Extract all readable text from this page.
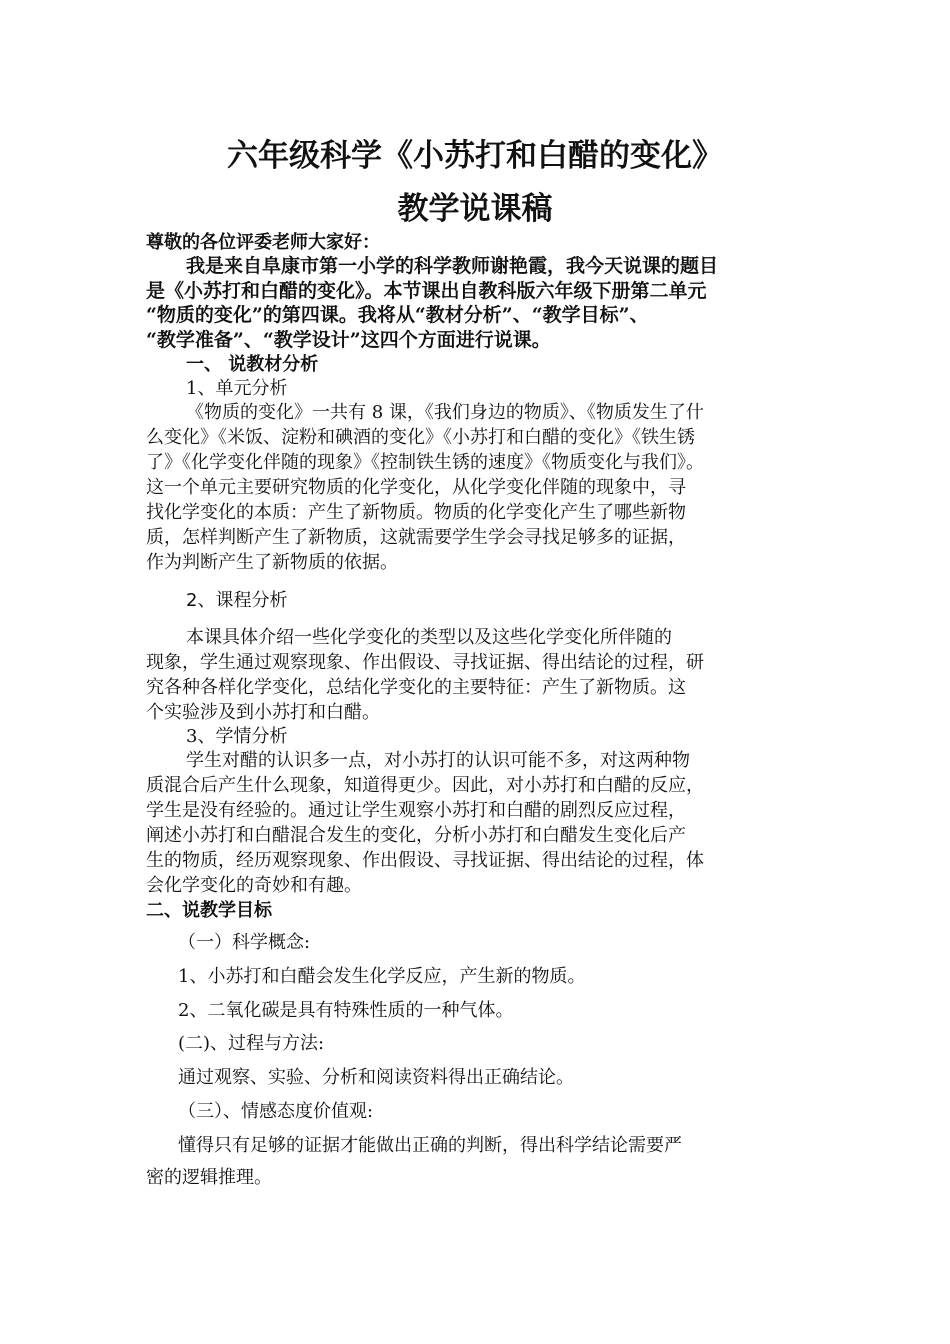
六年级科学《小苏打和白醋的变化》
教学说课稿
尊敬的各位评委老师大家好：
我是来自阜康市第一小学的科学教师谢艳霞，我今天说课的题目
是《小苏打和白醋的变化》。本节课出自教科版六年级下册第二单元
“物质的变化”的第四课。我将从“教材分析”、“教学目标”、
“教学准备”、“教学设计”这四个方面进行说课。
一、 说教材分析
1、单元分析
《物质的变化》一共有 8 课，《我们身边的物质》、《物质发生了什
么变化》《米饭、淀粉和碘酒的变化》《小苏打和白醋的变化》《铁生锈
了》《化学变化伴随的现象》《控制铁生锈的速度》《物质变化与我们》。
这一个单元主要研究物质的化学变化，从化学变化伴随的现象中，寻
找化学变化的本质：产生了新物质。物质的化学变化产生了哪些新物
质，怎样判断产生了新物质，这就需要学生学会寻找足够多的证据，
作为判断产生了新物质的依据。
2、课程分析
本课具体介绍一些化学变化的类型以及这些化学变化所伴随的
现象，学生通过观察现象、作出假设、寻找证据、得出结论的过程，研
究各种各样化学变化，总结化学变化的主要特征：产生了新物质。这
个实验涉及到小苏打和白醋。
3、学情分析
学生对醋的认识多一点，对小苏打的认识可能不多，对这两种物
质混合后产生什么现象，知道得更少。因此，对小苏打和白醋的反应，
学生是没有经验的。通过让学生观察小苏打和白醋的剧烈反应过程，
阐述小苏打和白醋混合发生的变化，分析小苏打和白醋发生变化后产
生的物质，经历观察现象、作出假设、寻找证据、得出结论的过程，体
会化学变化的奇妙和有趣。
二、说教学目标
（一）科学概念:
1、小苏打和白醋会发生化学反应，产生新的物质。
2、二氧化碳是具有特殊性质的一种气体。
(二)、过程与方法:
通过观察、实验、分析和阅读资料得出正确结论。
（三）、情感态度价值观:
懂得只有足够的证据才能做出正确的判断，得出科学结论需要严
密的逻辑推理。
